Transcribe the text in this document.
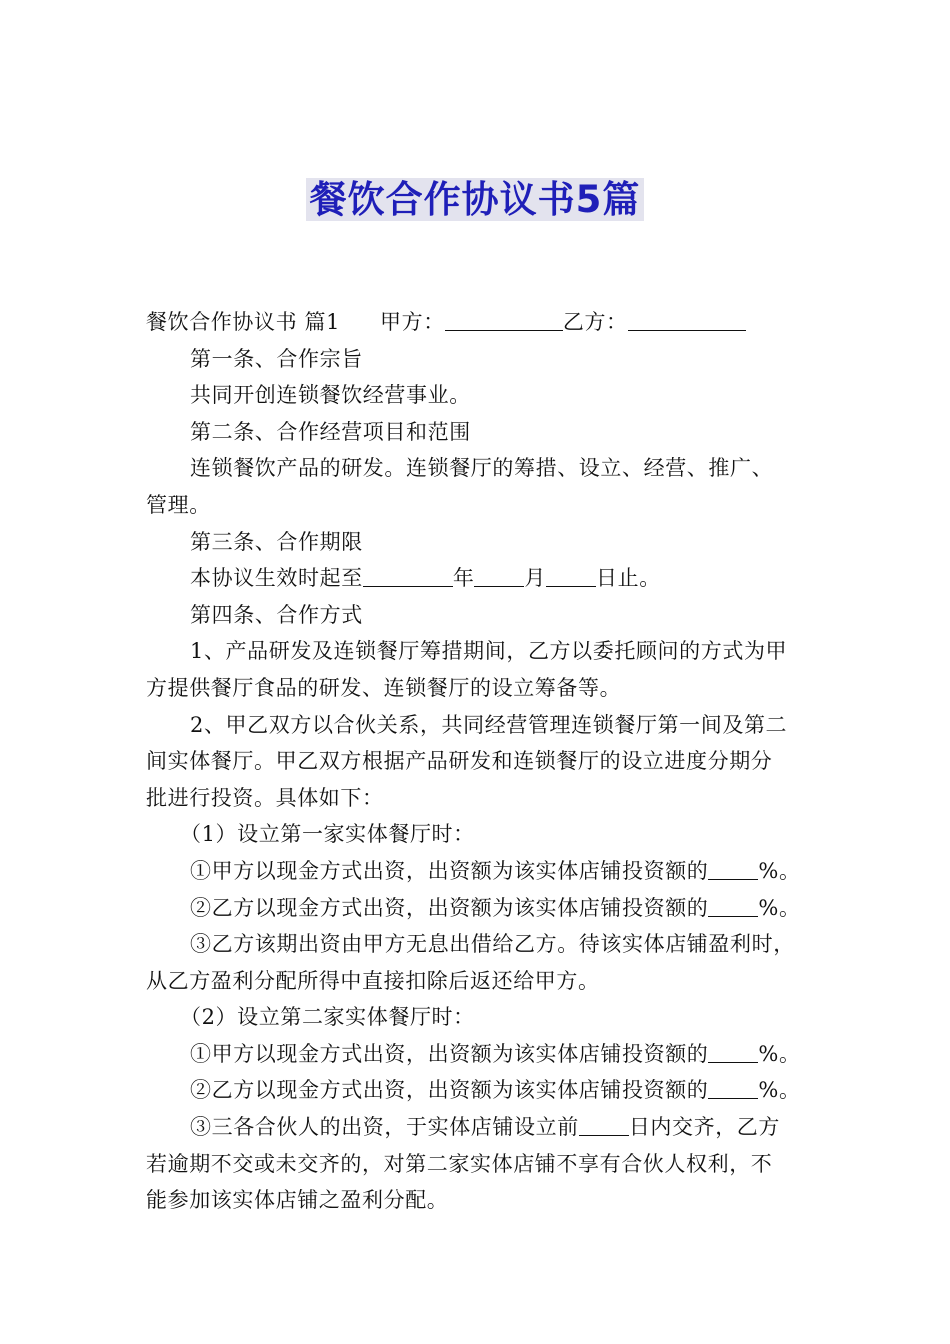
餐饮合作协议书5篇

餐饮合作协议书 篇1 甲方：	乙方：

第一条、合作宗旨

共同开创连锁餐饮经营事业。

第二条、合作经营项目和范围

连锁餐饮产品的研发。连锁餐厅的筹措、设立、经营、推广、

管理。

第三条、合作期限

本协议生效时起至	年 月 日止。

第四条、合作方式

1、产品研发及连锁餐厅筹措期间，乙方以委托顾问的方式为甲

方提供餐厅食品的研发、连锁餐厅的设立筹备等。

2、甲乙双方以合伙关系，共同经营管理连锁餐厅第一间及第二

间实体餐厅。甲乙双方根据产品研发和连锁餐厅的设立进度分期分

批进行投资。具体如下：

（1）设立第一家实体餐厅时：

①甲方以现金方式出资，出资额为该实体店铺投资额的 %。

②乙方以现金方式出资，出资额为该实体店铺投资额的 %。

③乙方该期出资由甲方无息出借给乙方。待该实体店铺盈利时，

从乙方盈利分配所得中直接扣除后返还给甲方。

（2）设立第二家实体餐厅时：

①甲方以现金方式出资，出资额为该实体店铺投资额的 %。

②乙方以现金方式出资，出资额为该实体店铺投资额的 %。

③三各合伙人的出资，于实体店铺设立前 日内交齐，乙方

若逾期不交或未交齐的，对第二家实体店铺不享有合伙人权利，不

能参加该实体店铺之盈利分配。
